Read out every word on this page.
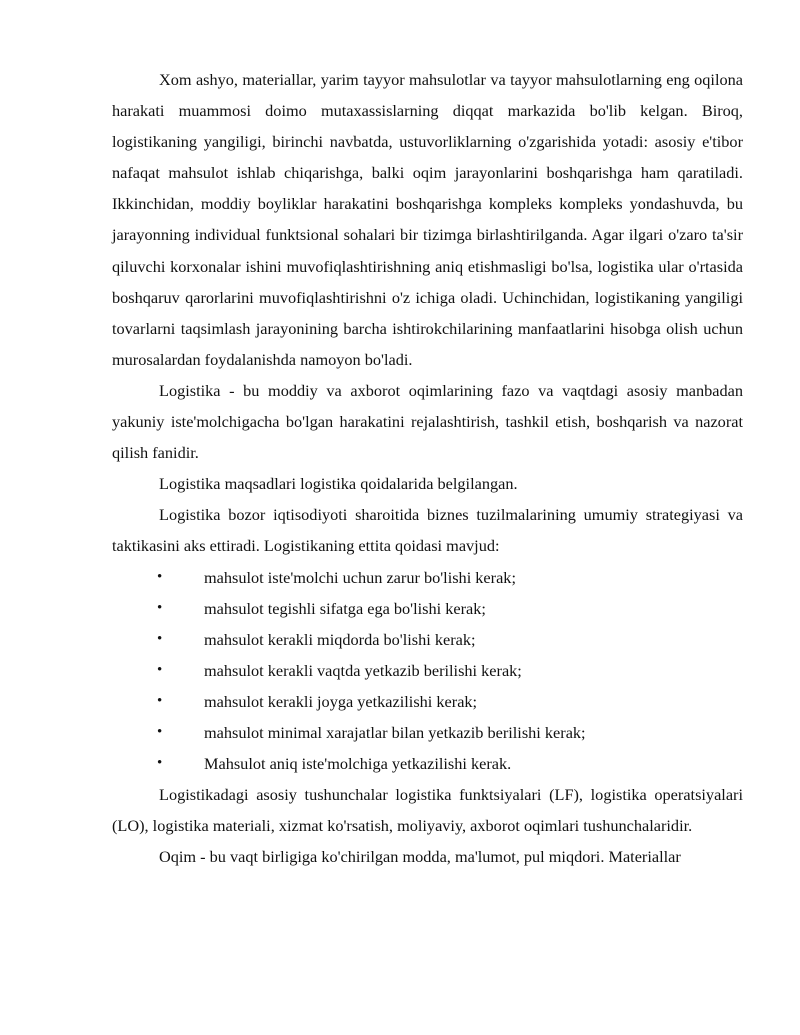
Xom ashyo, materiallar, yarim tayyor mahsulotlar va tayyor mahsulotlarning eng oqilona harakati muammosi doimo mutaxassislarning diqqat markazida bo'lib kelgan. Biroq, logistikaning yangiligi, birinchi navbatda, ustuvorliklarning o'zgarishida yotadi: asosiy e'tibor nafaqat mahsulot ishlab chiqarishga, balki oqim jarayonlarini boshqarishga ham qaratiladi. Ikkinchidan, moddiy boyliklar harakatini boshqarishga kompleks kompleks yondashuvda, bu jarayonning individual funktsional sohalari bir tizimga birlashtirilganda. Agar ilgari o'zaro ta'sir qiluvchi korxonalar ishini muvofiqlashtirishning aniq etishmasligi bo'lsa, logistika ular o'rtasida boshqaruv qarorlarini muvofiqlashtirishni o'z ichiga oladi. Uchinchidan, logistikaning yangiligi tovarlarni taqsimlash jarayonining barcha ishtirokchilarining manfaatlarini hisobga olish uchun murosalardan foydalanishda namoyon bo'ladi.

Logistika - bu moddiy va axborot oqimlarining fazo va vaqtdagi asosiy manbadan yakuniy iste'molchigacha bo'lgan harakatini rejalashtirish, tashkil etish, boshqarish va nazorat qilish fanidir.

Logistika maqsadlari logistika qoidalarida belgilangan.

Logistika bozor iqtisodiyoti sharoitida biznes tuzilmalarining umumiy strategiyasi va taktikasini aks ettiradi. Logistikaning ettita qoidasi mavjud:

•	mahsulot iste'molchi uchun zarur bo'lishi kerak;
•	mahsulot tegishli sifatga ega bo'lishi kerak;
•	mahsulot kerakli miqdorda bo'lishi kerak;
•	mahsulot kerakli vaqtda yetkazib berilishi kerak;
•	mahsulot kerakli joyga yetkazilishi kerak;
•	mahsulot minimal xarajatlar bilan yetkazib berilishi kerak;
•	Mahsulot aniq iste'molchiga yetkazilishi kerak.

Logistikadagi asosiy tushunchalar logistika funktsiyalari (LF), logistika operatsiyalari (LO), logistika materiali, xizmat ko'rsatish, moliyaviy, axborot oqimlari tushunchalaridir.

Oqim - bu vaqt birligiga ko'chirilgan modda, ma'lumot, pul miqdori. Materiallar
